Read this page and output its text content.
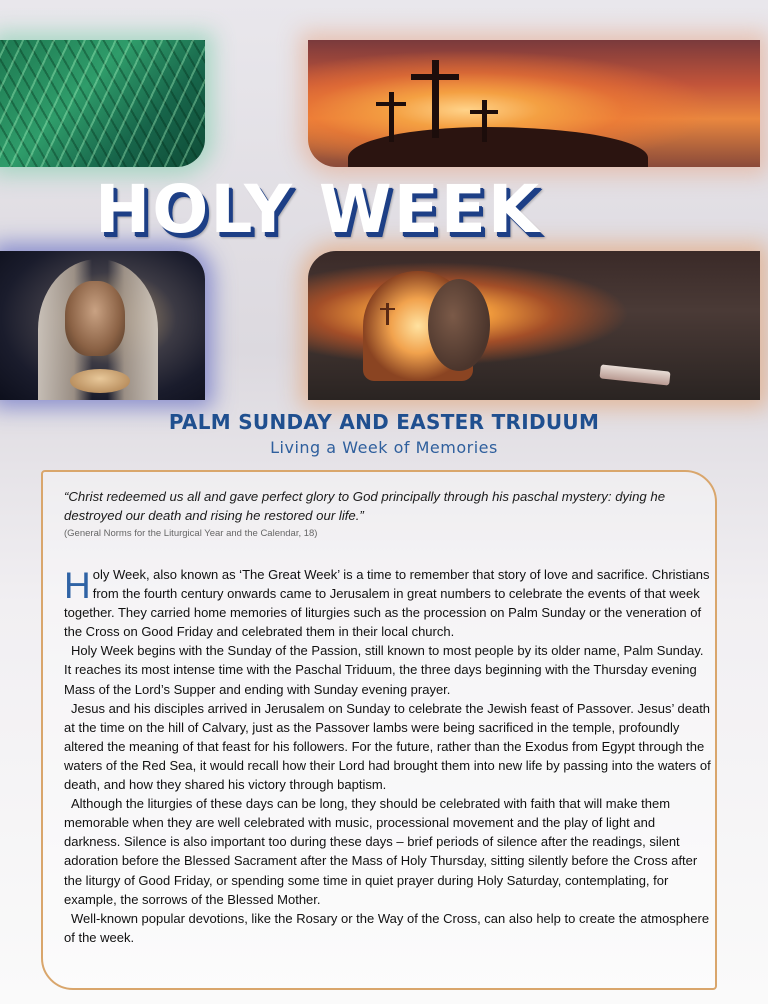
HOLY WEEK
PALM SUNDAY AND EASTER TRIDUUM

Living a Week of Memories

“Christ redeemed us all and gave perfect glory to God principally through his paschal mystery: dying he destroyed our death and rising he restored our life.”

(General Norms for the Liturgical Year and the Calendar, 18)

Holy Week, also known as ‘The Great Week’ is a time to remember that story of love and sacrifice. Christians from the fourth century onwards came to Jerusalem in great numbers to celebrate the events of that week together. They carried home memories of liturgies such as the procession on Palm Sunday or the veneration of the Cross on Good Friday and celebrated them in their local church.

Holy Week begins with the Sunday of the Passion, still known to most people by its older name, Palm Sunday. It reaches its most intense time with the Paschal Triduum, the three days beginning with the Thursday evening Mass of the Lord’s Supper and ending with Sunday evening prayer.

Jesus and his disciples arrived in Jerusalem on Sunday to celebrate the Jewish feast of Passover. Jesus’ death at the time on the hill of Calvary, just as the Passover lambs were being sacrificed in the temple, profoundly altered the meaning of that feast for his followers. For the future, rather than the Exodus from Egypt through the waters of the Red Sea, it would recall how their Lord had brought them into new life by passing into the waters of death, and how they shared his victory through baptism.

Although the liturgies of these days can be long, they should be celebrated with faith that will make them memorable when they are well celebrated with music, processional movement and the play of light and darkness. Silence is also important too during these days – brief periods of silence after the readings, silent adoration before the Blessed Sacrament after the Mass of Holy Thursday, sitting silently before the Cross after the liturgy of Good Friday, or spending some time in quiet prayer during Holy Saturday, contemplating, for example, the sorrows of the Blessed Mother.

Well-known popular devotions, like the Rosary or the Way of the Cross, can also help to create the atmosphere of the week.
